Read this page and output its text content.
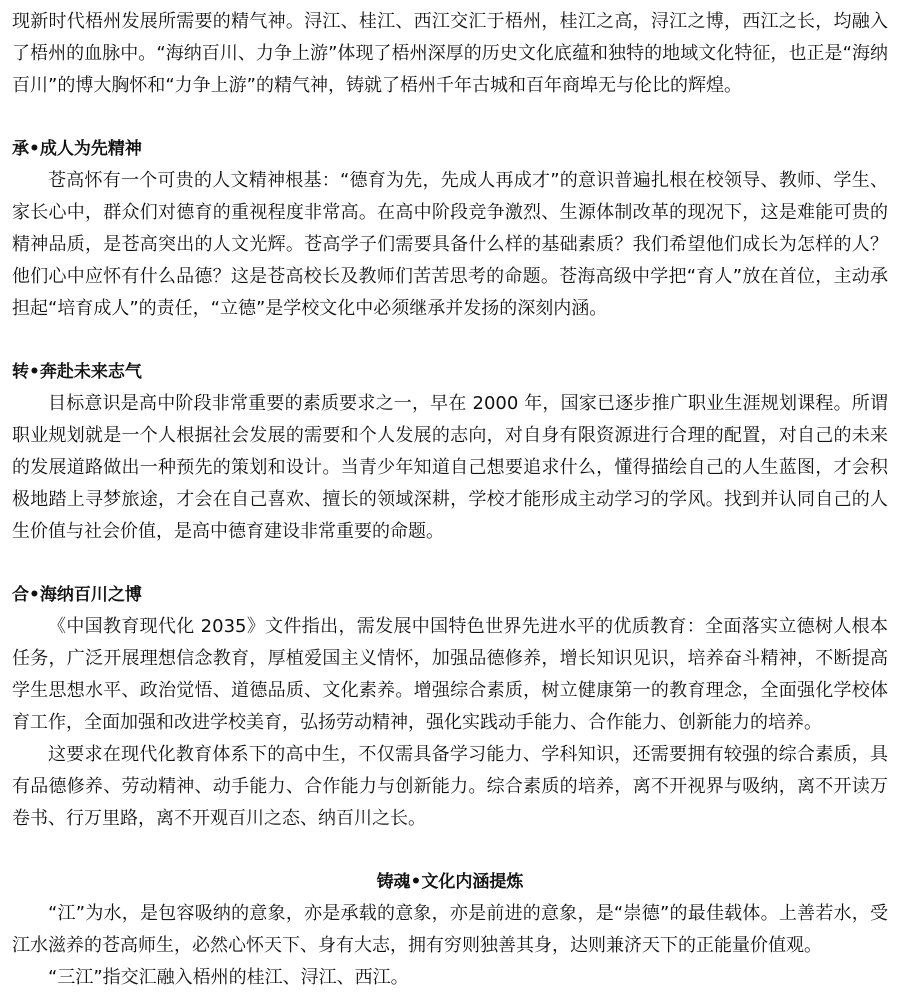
现新时代梧州发展所需要的精气神。浔江、桂江、西江交汇于梧州，桂江之高，浔江之博，西江之长，均融入了梧州的血脉中。“海纳百川、力争上游”体现了梧州深厚的历史文化底蕴和独特的地域文化特征，也正是“海纳百川”的博大胸怀和“力争上游”的精气神，铸就了梧州千年古城和百年商埠无与伦比的辉煌。

承•成人为先精神

苍高怀有一个可贵的人文精神根基：“德育为先，先成人再成才”的意识普遍扎根在校领导、教师、学生、家长心中，群众们对德育的重视程度非常高。在高中阶段竞争激烈、生源体制改革的现况下，这是难能可贵的精神品质，是苍高突出的人文光辉。苍高学子们需要具备什么样的基础素质？我们希望他们成长为怎样的人？他们心中应怀有什么品德？这是苍高校长及教师们苦苦思考的命题。苍海高级中学把“育人”放在首位，主动承担起“培育成人”的责任，“立德”是学校文化中必须继承并发扬的深刻内涵。

转•奔赴未来志气

目标意识是高中阶段非常重要的素质要求之一，早在 2000 年，国家已逐步推广职业生涯规划课程。所谓职业规划就是一个人根据社会发展的需要和个人发展的志向，对自身有限资源进行合理的配置，对自己的未来的发展道路做出一种预先的策划和设计。当青少年知道自己想要追求什么，懂得描绘自己的人生蓝图，才会积极地踏上寻梦旅途，才会在自己喜欢、擅长的领域深耕，学校才能形成主动学习的学风。找到并认同自己的人生价值与社会价值，是高中德育建设非常重要的命题。

合•海纳百川之博

《中国教育现代化 2035》文件指出，需发展中国特色世界先进水平的优质教育：全面落实立德树人根本任务，广泛开展理想信念教育，厚植爱国主义情怀，加强品德修养，增长知识见识，培养奋斗精神，不断提高学生思想水平、政治觉悟、道德品质、文化素养。增强综合素质，树立健康第一的教育理念，全面强化学校体育工作，全面加强和改进学校美育，弘扬劳动精神，强化实践动手能力、合作能力、创新能力的培养。

这要求在现代化教育体系下的高中生，不仅需具备学习能力、学科知识，还需要拥有较强的综合素质，具有品德修养、劳动精神、动手能力、合作能力与创新能力。综合素质的培养，离不开视界与吸纳，离不开读万卷书、行万里路，离不开观百川之态、纳百川之长。

铸魂•文化内涵提炼

“江”为水，是包容吸纳的意象，亦是承载的意象，亦是前进的意象，是“崇德”的最佳载体。上善若水，受江水滋养的苍高师生，必然心怀天下、身有大志，拥有穷则独善其身，达则兼济天下的正能量价值观。

“三江”指交汇融入梧州的桂江、浔江、西江。
